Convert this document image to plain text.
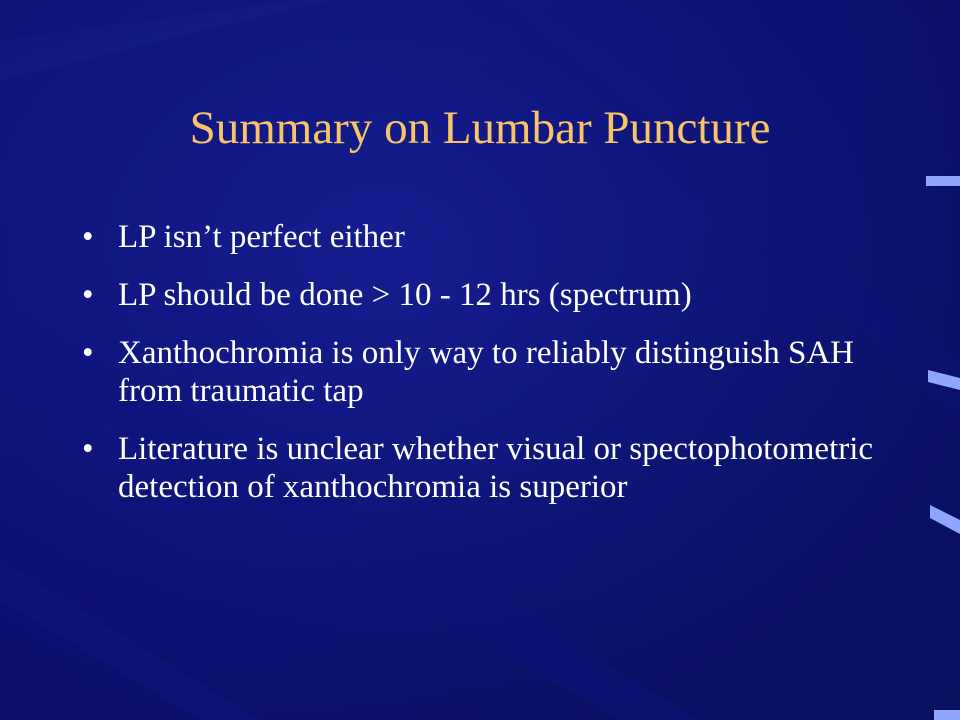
Summary on Lumbar Puncture
• LP isn’t perfect either
• LP should be done > 10 - 12 hrs (spectrum)
• Xanthochromia is only way to reliably distinguish SAH from traumatic tap
• Literature is unclear whether visual or spectophotometric detection of xanthochromia is superior
